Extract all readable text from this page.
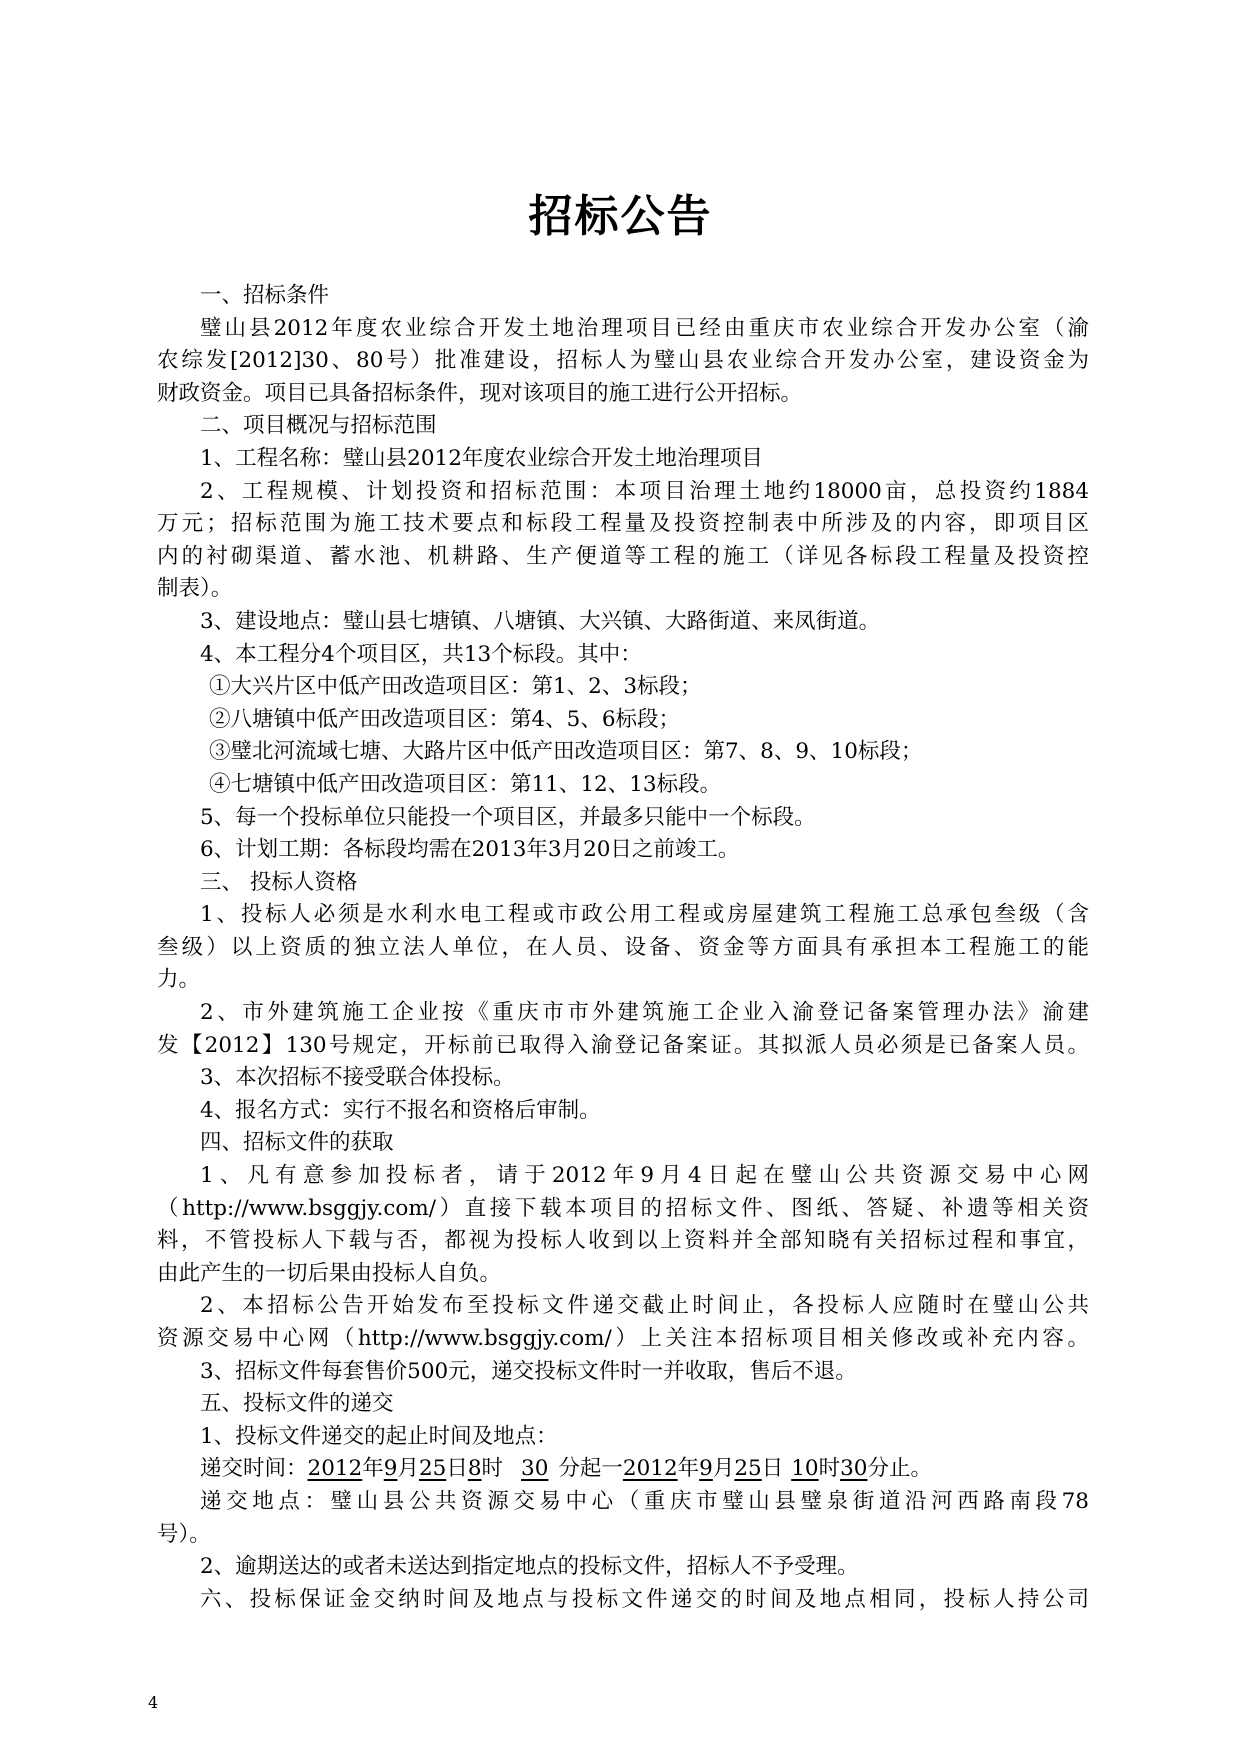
招标公告
一、招标条件
璧山县2012年度农业综合开发土地治理项目已经由重庆市农业综合开发办公室（渝
农综发[2012]30、80号）批准建设，招标人为璧山县农业综合开发办公室，建设资金为
财政资金。项目已具备招标条件，现对该项目的施工进行公开招标。
二、项目概况与招标范围
1、工程名称：璧山县2012年度农业综合开发土地治理项目
2、工程规模、计划投资和招标范围：本项目治理土地约18000亩，总投资约1884
万元；招标范围为施工技术要点和标段工程量及投资控制表中所涉及的内容，即项目区
内的衬砌渠道、蓄水池、机耕路、生产便道等工程的施工（详见各标段工程量及投资控
制表）。
3、建设地点：璧山县七塘镇、八塘镇、大兴镇、大路街道、来凤街道。
4、本工程分4个项目区，共13个标段。其中：
①大兴片区中低产田改造项目区：第1、2、3标段；
②八塘镇中低产田改造项目区：第4、5、6标段；
③璧北河流域七塘、大路片区中低产田改造项目区：第7、8、9、10标段；
④七塘镇中低产田改造项目区：第11、12、13标段。
5、每一个投标单位只能投一个项目区，并最多只能中一个标段。
6、计划工期：各标段均需在2013年3月20日之前竣工。
三、 投标人资格
1、投标人必须是水利水电工程或市政公用工程或房屋建筑工程施工总承包叁级（含
叁级）以上资质的独立法人单位，在人员、设备、资金等方面具有承担本工程施工的能
力。
2、市外建筑施工企业按《重庆市市外建筑施工企业入渝登记备案管理办法》渝建
发【2012】130号规定，开标前已取得入渝登记备案证。其拟派人员必须是已备案人员。
3、本次招标不接受联合体投标。
4、报名方式：实行不报名和资格后审制。
四、招标文件的获取
1、凡有意参加投标者，请于2012年9月4日起在璧山公共资源交易中心网
（http://www.bsggjy.com/）直接下载本项目的招标文件、图纸、答疑、补遗等相关资
料，不管投标人下载与否，都视为投标人收到以上资料并全部知晓有关招标过程和事宜，
由此产生的一切后果由投标人自负。
2、本招标公告开始发布至投标文件递交截止时间止，各投标人应随时在璧山公共
资源交易中心网（http://www.bsggjy.com/）上关注本招标项目相关修改或补充内容。
3、招标文件每套售价500元，递交投标文件时一并收取，售后不退。
五、投标文件的递交
1、投标文件递交的起止时间及地点：
递交时间：2012年9月25日8时 30 分起一2012年9月25日 10时30分止。
递交地点：璧山县公共资源交易中心（重庆市璧山县璧泉街道沿河西路南段78
号）。
2、逾期送达的或者未送达到指定地点的投标文件，招标人不予受理。
六、投标保证金交纳时间及地点与投标文件递交的时间及地点相同，投标人持公司
4
